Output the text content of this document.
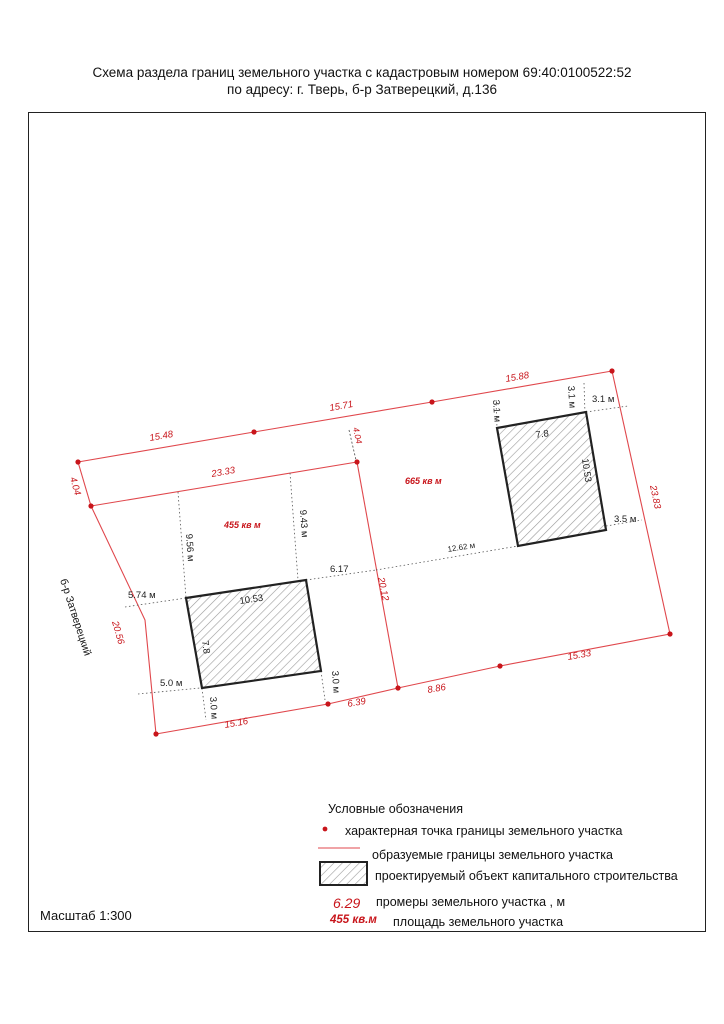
Схема раздела границ земельного участка с кадастровым номером 69:40:0100522:52
по адресу: г. Тверь, б-р Затверецкий, д.136
15.48
15.71
15.88
4.04
23.33
4.04
23.83
20.56
20.12
15.16
6.39
8.86
15.33
455 кв м
665 кв м
9.56 м
9.43 м
5.74 м
6.17
10.53
7.8
5.0 м
3.0 м
3.0 м
3.1 м
3.1 м 3.1 м
7.8
10.53
3.5 м
12.62 м
б-р Затверецкий
Условные обозначения
характерная точка границы земельного участка
образуемые границы земельного участка
проектируемый объект капитального строительства
6.29 промеры земельного участка , м
455 кв.м площадь земельного участка
Масштаб 1:300
